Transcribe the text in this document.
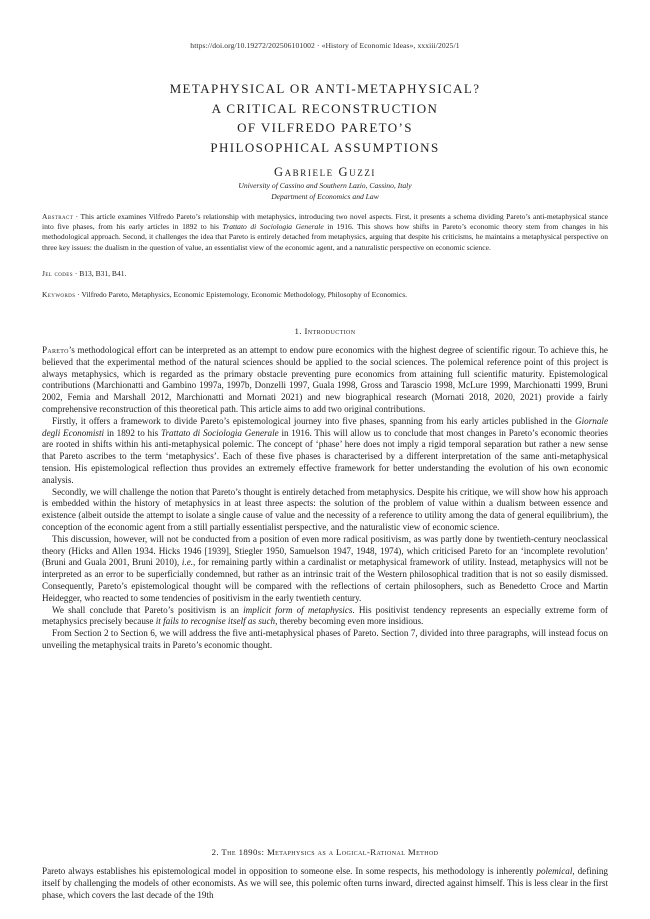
https://doi.org/10.19272/202506101002 · «History of Economic Ideas», xxxiii/2025/1
METAPHYSICAL OR ANTI-METAPHYSICAL?
A CRITICAL RECONSTRUCTION
OF VILFREDO PARETO’S
PHILOSOPHICAL ASSUMPTIONS
Gabriele Guzzi
University of Cassino and Southern Lazio, Cassino, Italy
Department of Economics and Law
Abstract · This article examines Vilfredo Pareto’s relationship with metaphysics, introducing two novel aspects. First, it presents a schema dividing Pareto’s anti-metaphysical stance into five phases, from his early articles in 1892 to his Trattato di Sociologia Generale in 1916. This shows how shifts in Pareto’s economic theory stem from changes in his methodological approach. Second, it challenges the idea that Pareto is entirely detached from metaphysics, arguing that despite his criticisms, he maintains a metaphysical perspective on three key issues: the dualism in the question of value, an essentialist view of the economic agent, and a naturalistic perspective on economic science.
Jel codes · B13, B31, B41.
Keywords · Vilfredo Pareto, Metaphysics, Economic Epistemology, Economic Methodology, Philosophy of Economics.
1. Introduction

Pareto’s methodological effort can be interpreted as an attempt to endow pure economics with the highest degree of scientific rigour. To achieve this, he believed that the experimental method of the natural sciences should be applied to the social sciences. The polemical reference point of this project is always metaphysics, which is regarded as the primary obstacle preventing pure economics from attaining full scientific maturity. Epistemological contributions (Marchionatti and Gambino 1997a, 1997b, Donzelli 1997, Guala 1998, Gross and Tarascio 1998, McLure 1999, Marchionatti 1999, Bruni 2002, Femia and Marshall 2012, Marchionatti and Mornati 2021) and new biographical research (Mornati 2018, 2020, 2021) provide a fairly comprehensive reconstruction of this theoretical path. This article aims to add two original contributions.

Firstly, it offers a framework to divide Pareto’s epistemological journey into five phases, spanning from his early articles published in the Giornale degli Economisti in 1892 to his Trattato di Sociologia Generale in 1916. This will allow us to conclude that most changes in Pareto’s economic theories are rooted in shifts within his anti-metaphysical polemic. The concept of ‘phase’ here does not imply a rigid temporal separation but rather a new sense that Pareto ascribes to the term ‘metaphysics’. Each of these five phases is characterised by a different interpretation of the same anti-metaphysical tension. His epistemological reflection thus provides an extremely effective framework for better understanding the evolution of his own economic analysis.

Secondly, we will challenge the notion that Pareto’s thought is entirely detached from metaphysics. Despite his critique, we will show how his approach is embedded within the history of metaphysics in at least three aspects: the solution of the problem of value within a dualism between essence and existence (albeit outside the attempt to isolate a single cause of value and the necessity of a reference to utility among the data of general equilibrium), the conception of the economic agent from a still partially essentialist perspective, and the naturalistic view of economic science.

This discussion, however, will not be conducted from a position of even more radical positivism, as was partly done by twentieth-century neoclassical theory (Hicks and Allen 1934. Hicks 1946 [1939], Stiegler 1950, Samuelson 1947, 1948, 1974), which criticised Pareto for an ‘incomplete revolution’ (Bruni and Guala 2001, Bruni 2010), i.e., for remaining partly within a cardinalist or metaphysical framework of utility. Instead, metaphysics will not be interpreted as an error to be superficially condemned, but rather as an intrinsic trait of the Western philosophical tradition that is not so easily dismissed. Consequently, Pareto’s epistemological thought will be compared with the reflections of certain philosophers, such as Benedetto Croce and Martin Heidegger, who reacted to some tendencies of positivism in the early twentieth century.

We shall conclude that Pareto’s positivism is an implicit form of metaphysics. His positivist tendency represents an especially extreme form of metaphysics precisely because it fails to recognise itself as such, thereby becoming even more insidious.

From Section 2 to Section 6, we will address the five anti-metaphysical phases of Pareto. Section 7, divided into three paragraphs, will instead focus on unveiling the metaphysical traits in Pareto’s economic thought.

2. The 1890s: Metaphysics as a Logical-Rational Method

Pareto always establishes his epistemological model in opposition to someone else. In some respects, his methodology is inherently polemical, defining itself by challenging the models of other economists. As we will see, this polemic often turns inward, directed against himself. This is less clear in the first phase, which covers the last decade of the 19th
